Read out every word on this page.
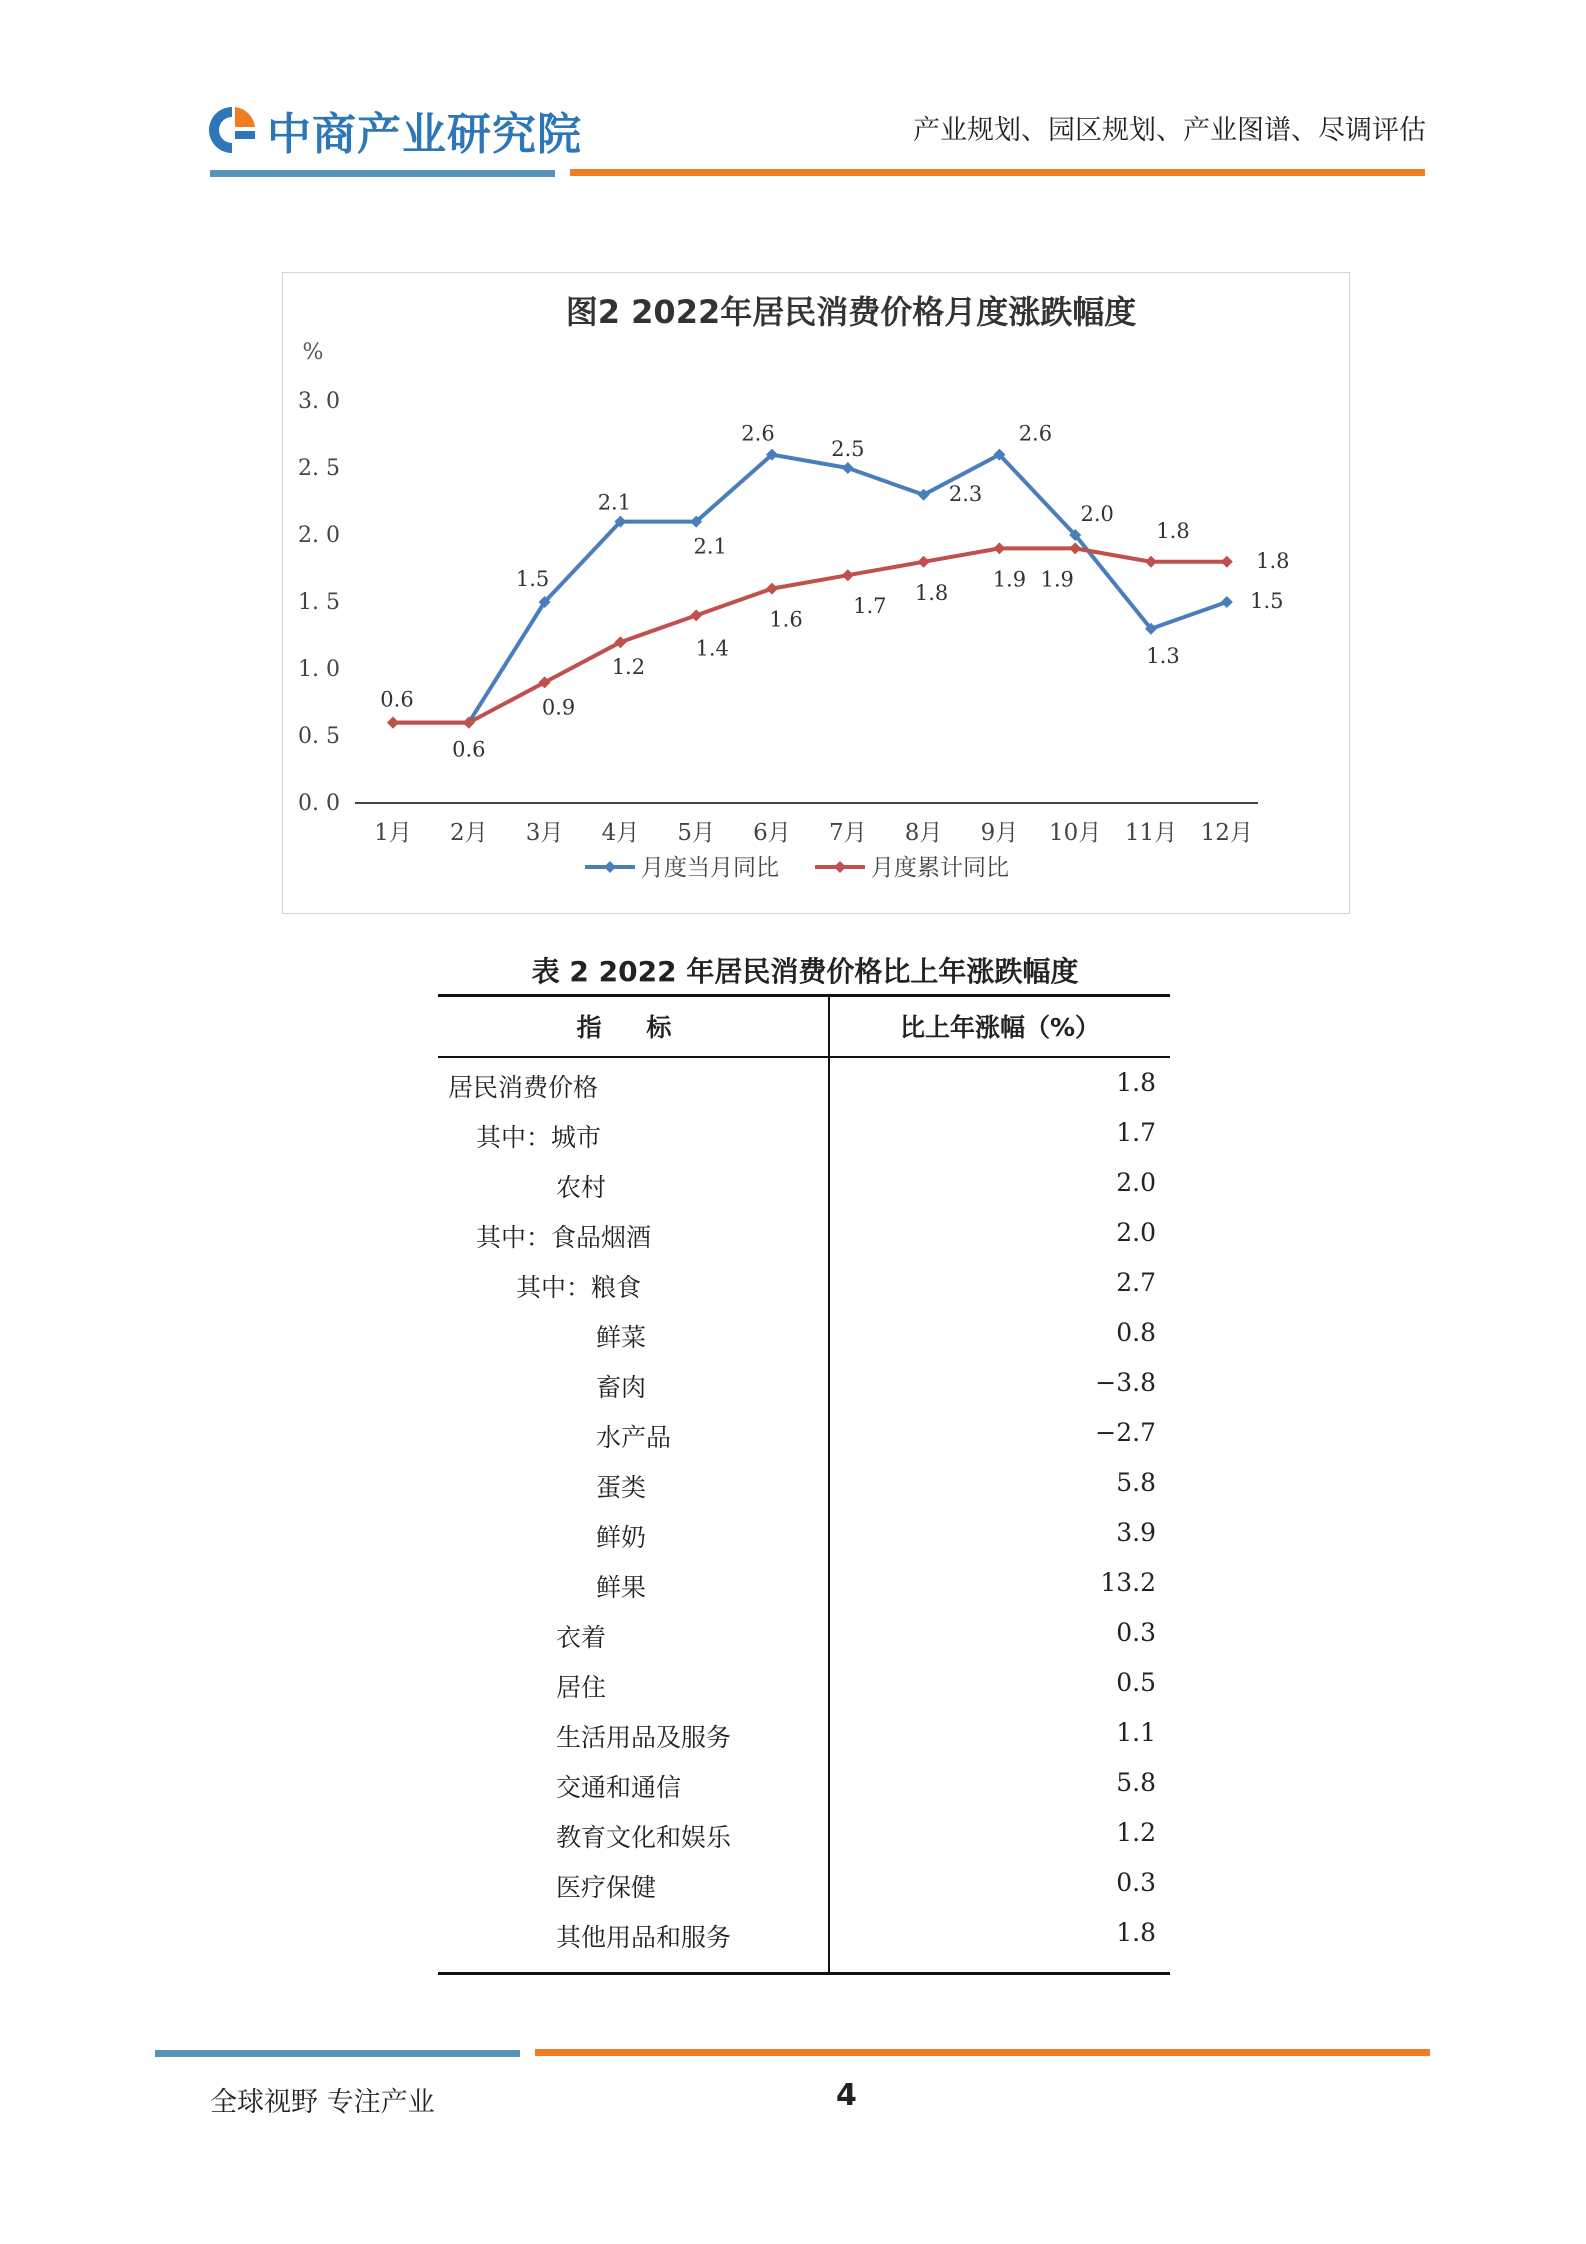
中商产业研究院	产业规划、园区规划、产业图谱、尽调评估
图2 2022年居民消费价格月度涨跌幅度
%
0. 0
0. 5
1. 0
1. 5
2. 0
2. 5
3. 0
1月 2月 3月 4月 5月 6月 7月 8月 9月 10月 11月 12月
0.6
1.5
2.1
2.1
2.6
2.5
2.3
2.6
2.0
1.3
1.5
0.6	0.9
1.2
1.4
1.6
1.7
1.8
1.9 1.9
1.8
1.8
月度当月同比	月度累计同比
表 2 2022 年居民消费价格比上年涨跌幅度
指 标	比上年涨幅（%）
居民消费价格	1.8
其中：城市	1.7
农村	2.0
其中：食品烟酒	2.0
其中：粮食	2.7
鲜菜	0.8
畜肉	−3.8
水产品	−2.7
蛋类	5.8
鲜奶	3.9
鲜果	13.2
衣着	0.3
居住	0.5
生活用品及服务	1.1
交通和通信	5.8
教育文化和娱乐	1.2
医疗保健	0.3
其他用品和服务	1.8
全球视野 专注产业	4
